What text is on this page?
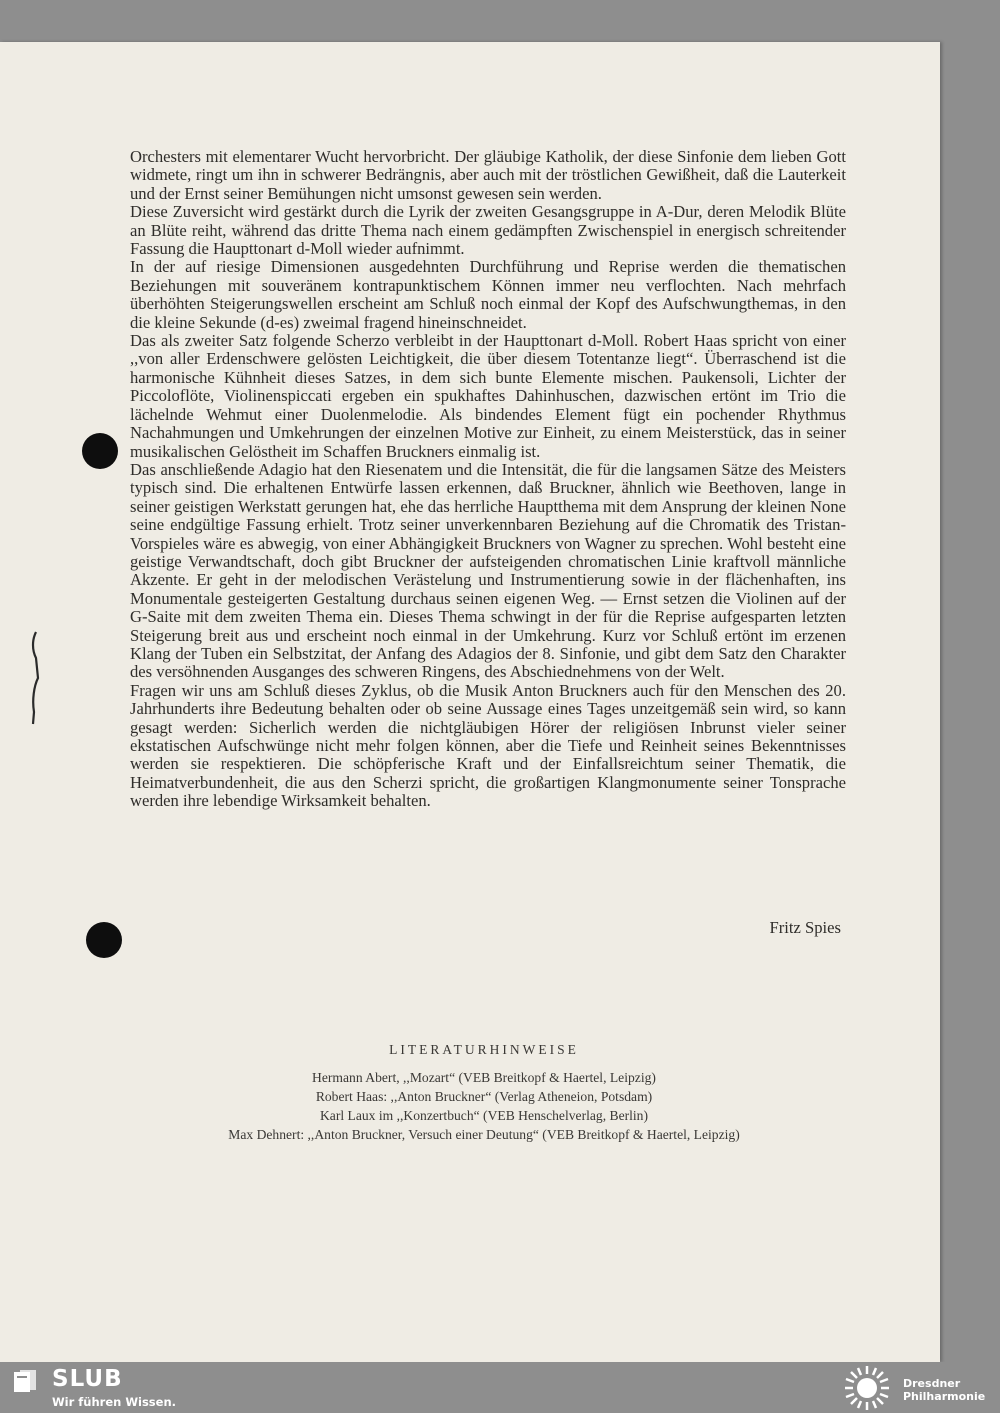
Orchesters mit elementarer Wucht hervorbricht. Der gläubige Katholik, der diese Sinfonie dem lieben Gott widmete, ringt um ihn in schwerer Bedrängnis, aber auch mit der tröstlichen Gewißheit, daß die Lauterkeit und der Ernst seiner Bemühungen nicht umsonst gewesen sein werden.

Diese Zuversicht wird gestärkt durch die Lyrik der zweiten Gesangsgruppe in A-Dur, deren Melodik Blüte an Blüte reiht, während das dritte Thema nach einem gedämpften Zwischenspiel in energisch schreitender Fassung die Haupttonart d-Moll wieder aufnimmt.

In der auf riesige Dimensionen ausgedehnten Durchführung und Reprise werden die thematischen Beziehungen mit souveränem kontrapunktischem Können immer neu verflochten. Nach mehrfach überhöhten Steigerungswellen erscheint am Schluß noch einmal der Kopf des Aufschwungthemas, in den die kleine Sekunde (d-es) zweimal fragend hineinschneidet.

Das als zweiter Satz folgende Scherzo verbleibt in der Haupttonart d-Moll. Robert Haas spricht von einer ,,von aller Erdenschwere gelösten Leichtigkeit, die über diesem Totentanze liegt“. Überraschend ist die harmonische Kühnheit dieses Satzes, in dem sich bunte Elemente mischen. Paukensoli, Lichter der Piccoloflöte, Violinenspiccati ergeben ein spukhaftes Dahinhuschen, dazwischen ertönt im Trio die lächelnde Wehmut einer Duolenmelodie. Als bindendes Element fügt ein pochender Rhythmus Nachahmungen und Umkehrungen der einzelnen Motive zur Einheit, zu einem Meisterstück, das in seiner musikalischen Gelöstheit im Schaffen Bruckners einmalig ist.

Das anschließende Adagio hat den Riesenatem und die Intensität, die für die langsamen Sätze des Meisters typisch sind. Die erhaltenen Entwürfe lassen erkennen, daß Bruckner, ähnlich wie Beethoven, lange in seiner geistigen Werkstatt gerungen hat, ehe das herrliche Hauptthema mit dem Ansprung der kleinen None seine endgültige Fassung erhielt. Trotz seiner unverkennbaren Beziehung auf die Chromatik des Tristan-Vorspieles wäre es abwegig, von einer Abhängigkeit Bruckners von Wagner zu sprechen. Wohl besteht eine geistige Verwandtschaft, doch gibt Bruckner der aufsteigenden chromatischen Linie kraftvoll männliche Akzente. Er geht in der melodischen Verästelung und Instrumentierung sowie in der flächenhaften, ins Monumentale gesteigerten Gestaltung durchaus seinen eigenen Weg. — Ernst setzen die Violinen auf der G-Saite mit dem zweiten Thema ein. Dieses Thema schwingt in der für die Reprise aufgesparten letzten Steigerung breit aus und erscheint noch einmal in der Umkehrung. Kurz vor Schluß ertönt im erzenen Klang der Tuben ein Selbstzitat, der Anfang des Adagios der 8. Sinfonie, und gibt dem Satz den Charakter des versöhnenden Ausganges des schweren Ringens, des Abschiednehmens von der Welt.

Fragen wir uns am Schluß dieses Zyklus, ob die Musik Anton Bruckners auch für den Menschen des 20. Jahrhunderts ihre Bedeutung behalten oder ob seine Aussage eines Tages unzeitgemäß sein wird, so kann gesagt werden: Sicherlich werden die nichtgläubigen Hörer der religiösen Inbrunst vieler seiner ekstatischen Aufschwünge nicht mehr folgen können, aber die Tiefe und Reinheit seines Bekenntnisses werden sie respektieren. Die schöpferische Kraft und der Einfallsreichtum seiner Thematik, die Heimatverbundenheit, die aus den Scherzi spricht, die großartigen Klangmonumente seiner Tonsprache werden ihre lebendige Wirksamkeit behalten.

Fritz Spies
LITERATURHINWEISE
Hermann Abert, ,,Mozart“ (VEB Breitkopf & Haertel, Leipzig)
Robert Haas: ,,Anton Bruckner“ (Verlag Atheneion, Potsdam)
Karl Laux im ,,Konzertbuch“ (VEB Henschelverlag, Berlin)
Max Dehnert: ,,Anton Bruckner, Versuch einer Deutung“ (VEB Breitkopf & Haertel, Leipzig)
SLUB
Wir führen Wissen.
Dresdner
Philharmonie
